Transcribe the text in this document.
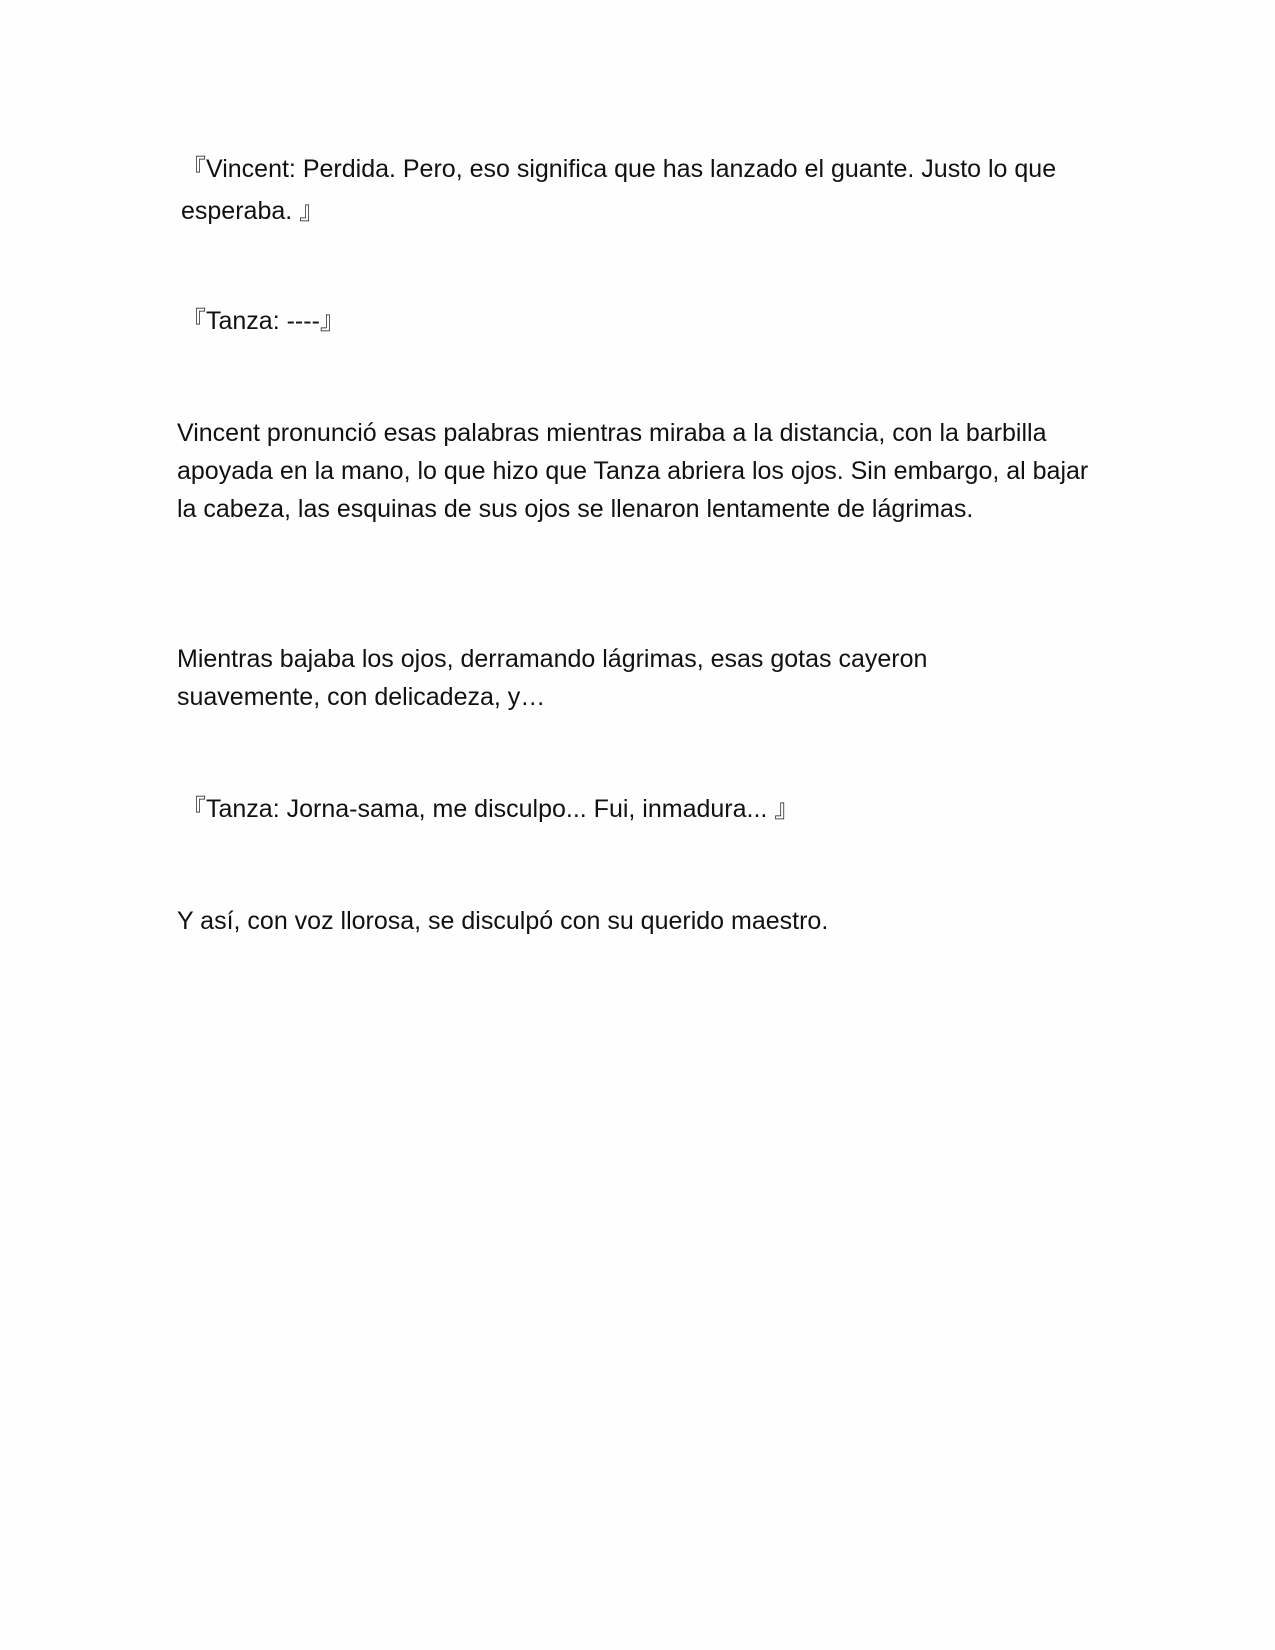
『Vincent: Perdida. Pero, eso significa que has lanzado el guante. Justo lo que esperaba. 』

『Tanza: ----』

Vincent pronunció esas palabras mientras miraba a la distancia, con la barbilla apoyada en la mano, lo que hizo que Tanza abriera los ojos. Sin embargo, al bajar la cabeza, las esquinas de sus ojos se llenaron lentamente de lágrimas.

Mientras bajaba los ojos, derramando lágrimas, esas gotas cayeron suavemente, con delicadeza, y…

『Tanza: Jorna-sama, me disculpo... Fui, inmadura... 』

Y así, con voz llorosa, se disculpó con su querido maestro.
